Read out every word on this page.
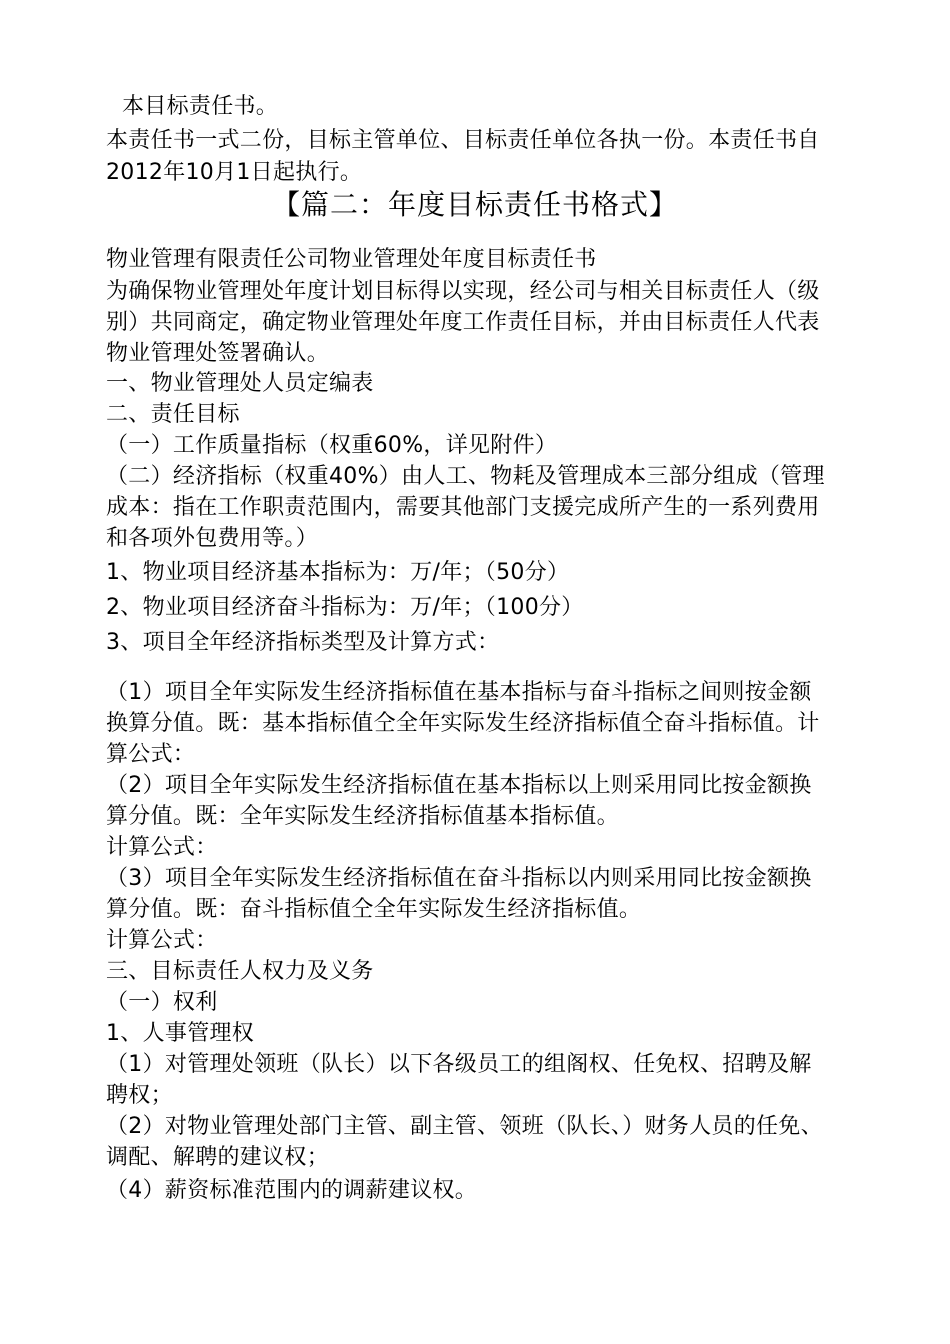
本目标责任书。
本责任书一式二份，目标主管单位、目标责任单位各执一份。本责任书自
2012年10月1日起执行。
【篇二：年度目标责任书格式】
物业管理有限责任公司物业管理处年度目标责任书
为确保物业管理处年度计划目标得以实现，经公司与相关目标责任人（级
别）共同商定，确定物业管理处年度工作责任目标，并由目标责任人代表
物业管理处签署确认。
一、物业管理处人员定编表
二、责任目标
（一）工作质量指标（权重60%，详见附件）
（二）经济指标（权重40%）由人工、物耗及管理成本三部分组成（管理
成本：指在工作职责范围内，需要其他部门支援完成所产生的一系列费用
和各项外包费用等。）
1、物业项目经济基本指标为：万/年；（50分）
2、物业项目经济奋斗指标为：万/年；（100分）
3、项目全年经济指标类型及计算方式：
（1）项目全年实际发生经济指标值在基本指标与奋斗指标之间则按金额
换算分值。既：基本指标值仝全年实际发生经济指标值仝奋斗指标值。计
算公式：
（2）项目全年实际发生经济指标值在基本指标以上则采用同比按金额换
算分值。既：全年实际发生经济指标值基本指标值。
计算公式：
（3）项目全年实际发生经济指标值在奋斗指标以内则采用同比按金额换
算分值。既：奋斗指标值仝全年实际发生经济指标值。
计算公式：
三、目标责任人权力及义务
（一）权利
1、人事管理权
（1）对管理处领班（队长）以下各级员工的组阁权、任免权、招聘及解
聘权；
（2）对物业管理处部门主管、副主管、领班（队长、）财务人员的任免、
调配、解聘的建议权；
（4）薪资标准范围内的调薪建议权。
